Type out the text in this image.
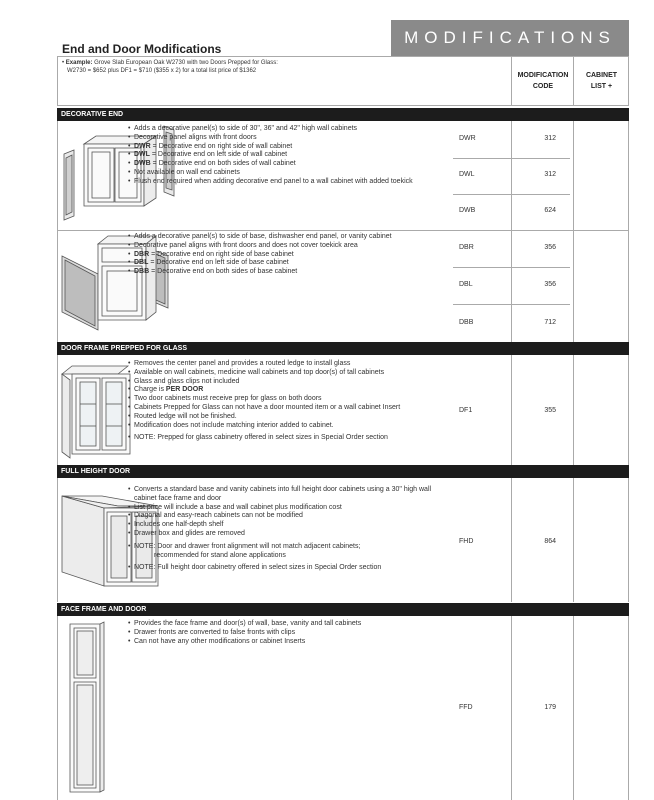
End and Door Modifications
MODIFICATIONS
• Example: Grove Slab European Oak W2730 with two Doors Prepped for Glass:
W2730 = $652 plus DF1 = $710 ($355 x 2) for a total list price of $1362
MODIFICATION
CODE
CABINET
LIST +
DECORATIVE END
• Adds a decorative panel(s) to side of 30", 36" and 42" high wall cabinets
• Decorative panel aligns with front doors
• DWR = Decorative end on right side of wall cabinet
• DWL = Decorative end on left side of wall cabinet
• DWB = Decorative end on both sides of wall cabinet
• Not available on wall end cabinets
• Flush end required when adding decorative end panel to a wall cabinet with added toekick
DWR	312
DWL	312
DWB	624
• Adds a decorative panel(s) to side of base, dishwasher end panel, or vanity cabinet
• Decorative panel aligns with front doors and does not cover toekick area
• DBR = Decorative end on right side of base cabinet
• DBL = Decorative end on left side of base cabinet
• DBB = Decorative end on both sides of base cabinet
DBR	356
DBL	356
DBB	712
DOOR FRAME PREPPED FOR GLASS
• Removes the center panel and provides a routed ledge to install glass
• Available on wall cabinets, medicine wall cabinets and top door(s) of tall cabinets
• Glass and glass clips not included
• Charge is PER DOOR
• Two door cabinets must receive prep for glass on both doors
• Cabinets Prepped for Glass can not have a door mounted item or a wall cabinet Insert
• Routed ledge will not be finished.
• Modification does not include matching interior added to cabinet.
• NOTE: Prepped for glass cabinetry offered in select sizes in Special Order section
DF1	355
FULL HEIGHT DOOR
• Converts a standard base and vanity cabinets into full height door cabinets using a 30" high wall cabinet face frame and door
• List price will include a base and wall cabinet plus modification cost
• Diagonal and easy-reach cabinets can not be modified
• Includes one half-depth shelf
• Drawer box and glides are removed
• NOTE: Door and drawer front alignment will not match adjacent cabinets;
recommended for stand alone applications
• NOTE: Full height door cabinetry offered in select sizes in Special Order section
FHD	864
FACE FRAME AND DOOR
• Provides the face frame and door(s) of wall, base, vanity and tall cabinets
• Drawer fronts are converted to false fronts with clips
• Can not have any other modifications or cabinet Inserts
FFD	179
